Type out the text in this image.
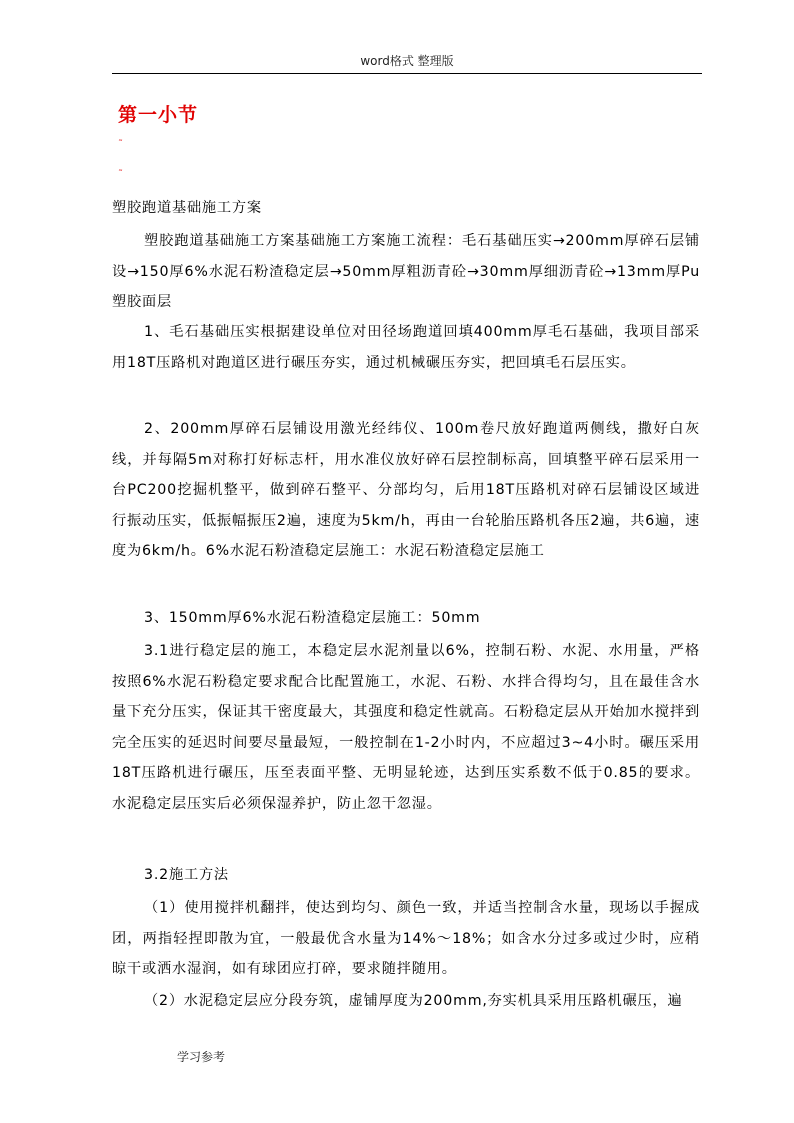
word格式 整理版
第一小节
˜
˜
塑胶跑道基础施工方案
塑胶跑道基础施工方案基础施工方案施工流程：毛石基础压实→200mm厚碎石层铺设→150厚6%水泥石粉渣稳定层→50mm厚粗沥青砼→30mm厚细沥青砼→13mm厚Pu塑胶面层
1、毛石基础压实根据建设单位对田径场跑道回填400mm厚毛石基础，我项目部采用18T压路机对跑道区进行碾压夯实，通过机械碾压夯实，把回填毛石层压实。
2、200mm厚碎石层铺设用激光经纬仪、100m卷尺放好跑道两侧线，撒好白灰线，并每隔5m对称打好标志杆，用水准仪放好碎石层控制标高，回填整平碎石层采用一台PC200挖掘机整平，做到碎石整平、分部均匀，后用18T压路机对碎石层铺设区域进行振动压实，低振幅振压2遍，速度为5km/h，再由一台轮胎压路机各压2遍，共6遍，速度为6km/h。6%水泥石粉渣稳定层施工：水泥石粉渣稳定层施工
3、150mm厚6%水泥石粉渣稳定层施工：50mm
3.1进行稳定层的施工，本稳定层水泥剂量以6%，控制石粉、水泥、水用量，严格按照6%水泥石粉稳定要求配合比配置施工，水泥、石粉、水拌合得均匀，且在最佳含水量下充分压实，保证其干密度最大，其强度和稳定性就高。石粉稳定层从开始加水搅拌到完全压实的延迟时间要尽量最短，一般控制在1-2小时内，不应超过3~4小时。碾压采用18T压路机进行碾压，压至表面平整、无明显轮迹，达到压实系数不低于0.85的要求。水泥稳定层压实后必须保湿养护，防止忽干忽湿。
3.2施工方法
（1）使用搅拌机翻拌，使达到均匀、颜色一致，并适当控制含水量，现场以手握成团，两指轻捏即散为宜，一般最优含水量为14%～18%；如含水分过多或过少时，应稍晾干或洒水湿润，如有球团应打碎，要求随拌随用。
（2）水泥稳定层应分段夯筑，虚铺厚度为200mm,夯实机具采用压路机碾压，遍
学习参考
